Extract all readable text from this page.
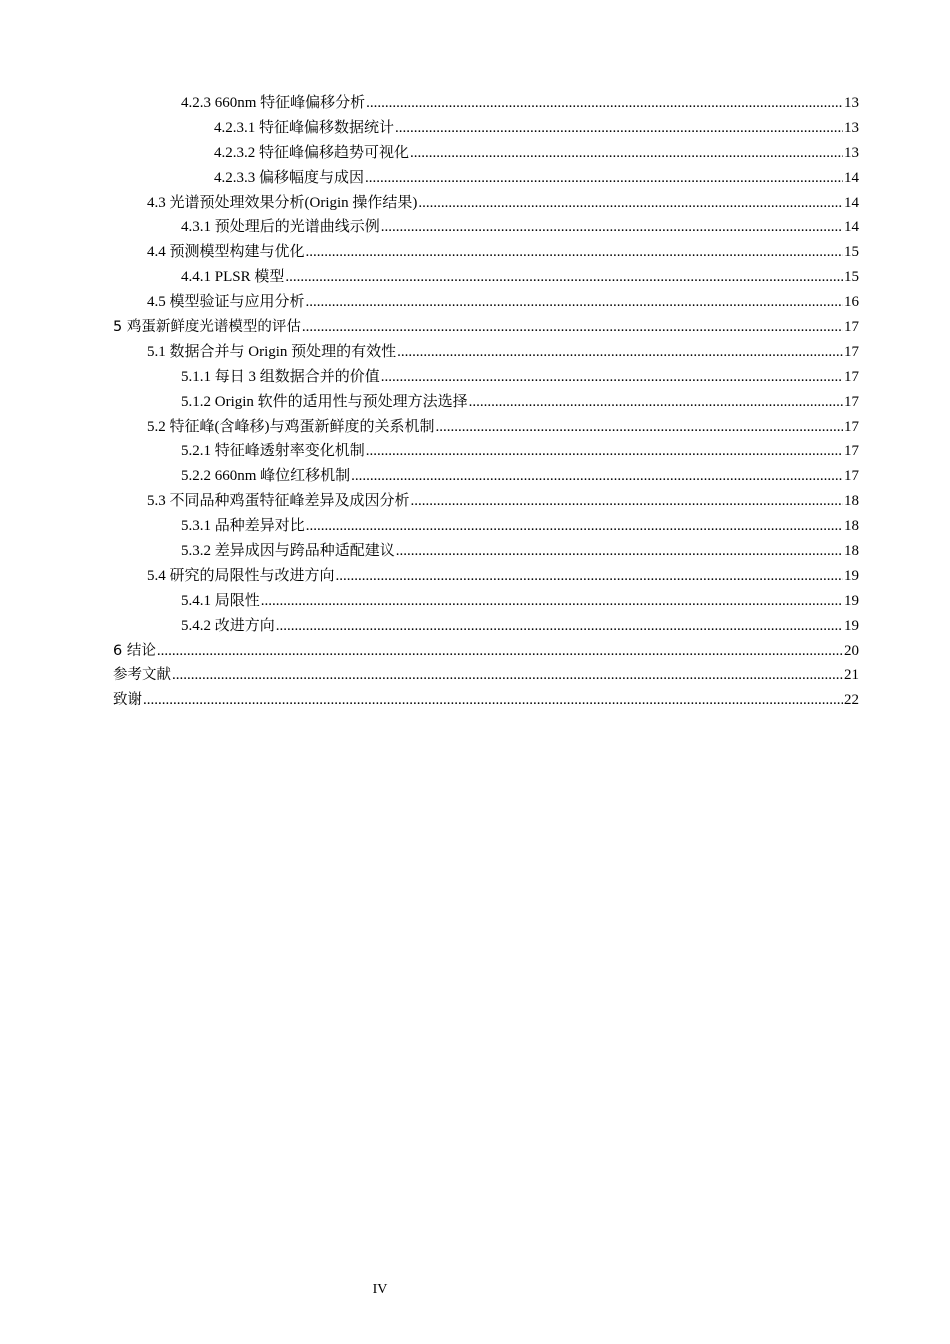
4.2.3 660nm 特征峰偏移分析 .....	13
4.2.3.1 特征峰偏移数据统计 .....	13
4.2.3.2 特征峰偏移趋势可视化 .....	13
4.2.3.3 偏移幅度与成因 .....	14
4.3 光谱预处理效果分析(Origin 操作结果) .....	14
4.3.1 预处理后的光谱曲线示例 .....	14
4.4 预测模型构建与优化 .....	15
4.4.1 PLSR 模型 .....	15
4.5 模型验证与应用分析 .....	16
5 鸡蛋新鲜度光谱模型的评估 .....	17
5.1 数据合并与 Origin 预处理的有效性 .....	17
5.1.1 每日 3 组数据合并的价值 .....	17
5.1.2 Origin 软件的适用性与预处理方法选择 .....	17
5.2 特征峰(含峰移)与鸡蛋新鲜度的关系机制 .....	17
5.2.1 特征峰透射率变化机制 .....	17
5.2.2 660nm 峰位红移机制 .....	17
5.3 不同品种鸡蛋特征峰差异及成因分析 .....	18
5.3.1 品种差异对比 .....	18
5.3.2 差异成因与跨品种适配建议 .....	18
5.4 研究的局限性与改进方向 .....	19
5.4.1 局限性 .....	19
5.4.2 改进方向 .....	19
6 结论 .....	20
参考文献 .....	21
致谢 .....	22
IV
